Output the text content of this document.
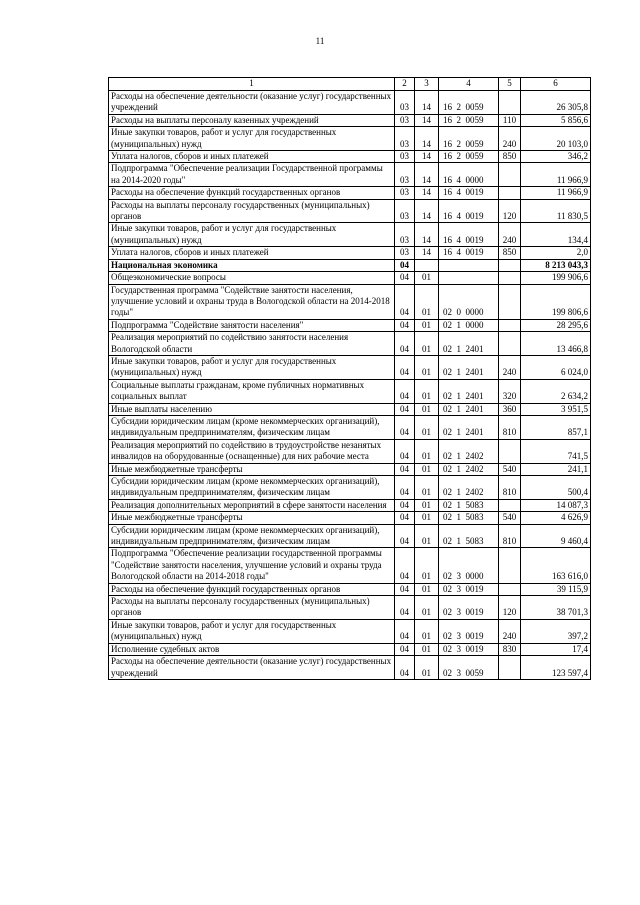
11
1	2	3	4	5	6
Расходы на обеспечение деятельности (оказание услуг) государственных учреждений	03	14	16  2  0059		26 305,8
Расходы на выплаты персоналу казенных учреждений	03	14	16  2  0059	110	5 856,6
Иные закупки товаров, работ и услуг для государственных (муниципальных) нужд	03	14	16  2  0059	240	20 103,0
Уплата налогов, сборов и иных платежей	03	14	16  2  0059	850	346,2
Подпрограмма "Обеспечение реализации Государственной программы на 2014-2020 годы"	03	14	16  4  0000		11 966,9
Расходы на обеспечение функций государственных органов	03	14	16  4  0019		11 966,9
Расходы на выплаты персоналу государственных (муниципальных) органов	03	14	16  4  0019	120	11 830,5
Иные закупки товаров, работ и услуг для государственных (муниципальных) нужд	03	14	16  4  0019	240	134,4
Уплата налогов, сборов и иных платежей	03	14	16  4  0019	850	2,0
Национальная экономика	04				8 213 043,3
Общеэкономические вопросы	04	01			199 906,6
Государственная программа "Содействие занятости населения, улучшение условий и охраны труда в Вологодской области на 2014-2018 годы"	04	01	02  0  0000		199 806,6
Подпрограмма "Содействие занятости населения"	04	01	02  1  0000		28 295,6
Реализация мероприятий по содействию занятости населения Вологодской области	04	01	02  1  2401		13 466,8
Иные закупки товаров, работ и услуг для государственных (муниципальных) нужд	04	01	02  1  2401	240	6 024,0
Социальные выплаты гражданам, кроме публичных нормативных социальных выплат	04	01	02  1  2401	320	2 634,2
Иные выплаты населению	04	01	02  1  2401	360	3 951,5
Субсидии юридическим лицам (кроме некоммерческих организаций), индивидуальным предпринимателям, физическим лицам	04	01	02  1  2401	810	857,1
Реализация мероприятий по содействию в трудоустройстве незанятых инвалидов на оборудованные (оснащенные) для них рабочие места	04	01	02  1  2402		741,5
Иные межбюджетные трансферты	04	01	02  1  2402	540	241,1
Субсидии юридическим лицам (кроме некоммерческих организаций), индивидуальным предпринимателям, физическим лицам	04	01	02  1  2402	810	500,4
Реализация дополнительных мероприятий в сфере занятости населения	04	01	02  1  5083		14 087,3
Иные межбюджетные трансферты	04	01	02  1  5083	540	4 626,9
Субсидии юридическим лицам (кроме некоммерческих организаций), индивидуальным предпринимателям, физическим лицам	04	01	02  1  5083	810	9 460,4
Подпрограмма "Обеспечение реализации государственной программы "Содействие занятости населения, улучшение условий и охраны труда Вологодской области на 2014-2018 годы"	04	01	02  3  0000		163 616,0
Расходы на обеспечение функций государственных органов	04	01	02  3  0019		39 115,9
Расходы на выплаты персоналу государственных (муниципальных) органов	04	01	02  3  0019	120	38 701,3
Иные закупки товаров, работ и услуг для государственных (муниципальных) нужд	04	01	02  3  0019	240	397,2
Исполнение судебных актов	04	01	02  3  0019	830	17,4
Расходы на обеспечение деятельности (оказание услуг) государственных учреждений	04	01	02  3  0059		123 597,4
